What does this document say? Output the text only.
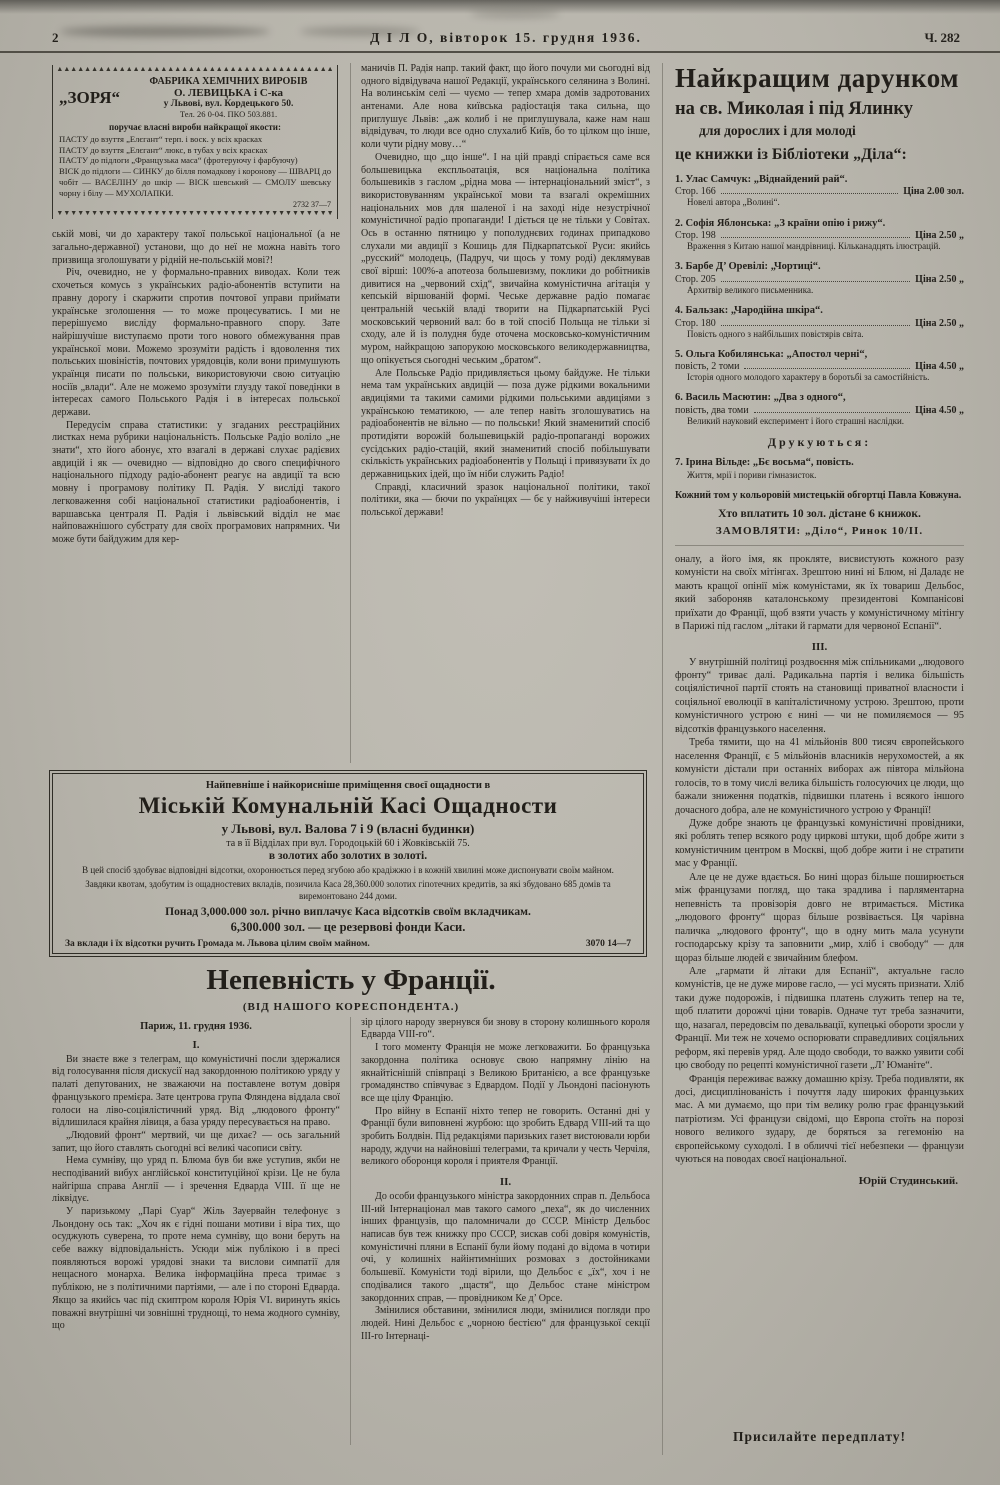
2	Д І Л О, вівторок 15. грудня 1936.	Ч. 282
▲▲▲▲▲▲▲▲▲▲▲▲▲▲▲▲▲▲▲▲▲▲▲▲▲▲▲▲▲▲▲▲▲▲▲▲▲▲▲▲ „ЗОРЯ“
ФАБРИКА ХЕМІЧНИХ ВИРОБІВ
О. ЛЕВИЦЬКА і С-ка
у Львові, вул. Кордецького 50.
Тел. 26 0-04. ПКО 503.881.
поручає власні вироби найкращої якости:

ПАСТУ до взуття „Елєгант“ терп. і воск. у всіх красках

ПАСТУ до взуття „Елєгант“ люкс, в тубах у всіх красках

ПАСТУ до підлоги „Французька маса“ (фротеруючу і фарбуючу)

ВІСК до підлоги — СИНКУ до білля помадкову і коронову — ШВАРЦ до чобіт — ВАСЕЛІНУ до шкір — ВІСК шевський — СМОЛУ шевську чорну і білу — МУХОЛАПКИ.

2732 37—7
▼▼▼▼▼▼▼▼▼▼▼▼▼▼▼▼▼▼▼▼▼▼▼▼▼▼▼▼▼▼▼▼▼▼▼▼▼▼▼▼

ській мові, чи до характеру такої польської національної (а не загально-державної) установи, що до неї не можна навіть того призвища зголошувати у рідній не-польській мові?!

Річ, очевидно, не у формально-правних виводах. Коли теж схочеться комусь з українських радіо-абонентів вступити на правну дорогу і скаржити спротив почтової управи приймати українське зголошення — то може процесуватись. І ми не перерішуємо висліду формально-правного спору. Зате найрішучіше виступаємо проти того нового обмежування прав української мови. Можемо зрозуміти радість і вдоволення тих польських шовіністів, почтових урядовців, коли вони примушують українця писати по польськи, використовуючи свою ситуацію носіїв „влади“. Але не можемо зрозуміти глузду такої поведінки в інтересах самого Польського Радія і в інтересах польської держави.

Передусім справа статистики: у згаданих реєстраційних листках нема рубрики національність. Польське Радіо воліло „не знати“, хто його абонує, хто взагалі в державі слухає радієвих авдицій і як — очевидно — відповідно до свого специфічного національного підходу радіо-абонент реагує на авдиції та всю мовну і програмову політику П. Радія. У висліді такого легковаження собі національної статистики радіоабонентів, і варшавська централя П. Радія і львівський відділ не має найповажнішого субстрату для своїх програмових напрямних. Чи може бути байдужим для кер-

маничів П. Радія напр. такий факт, що його почули ми сьогодні від одного відвідувача нашої Редакції, українського селянина з Волині. На волинськім селі — чуємо — тепер хмара домів задротованих антенами. Але нова київська радіостація така сильна, що приглушує Львів: „аж колиб і не приглушувала, каже нам наш відвідувач, то люди все одно слухалиб Київ, бо то цілком що інше, коли чути рідну мову…“

Очевидно, що „що інше“. І на цій правді спірається саме вся большевицька експльоатація, вся національна політика большевиків з гаслом „рідна мова — інтернаціональний зміст“, з використовуванням української мови та взагалі окремішних національних мов для шаленої і на заході ніде незустрічної комуністичної радіо пропаганди! І діється це не тільки у Совітах. Ось в останню пятницю у пополуднєвих годинах припадково слухали ми авдиції з Кошиць для Підкарпатської Руси: якийсь „русский“ молодець, (Падруч, чи щось у тому роді) деклямував свої вірші: 100%-а апотеоза большевизму, поклики до робітників дивитися на „червоний схід“, звичайна комуністична агітація у кепській віршованій формі. Чеське державне радіо помагає центральній чеській владі творити на Підкарпатській Русі московський червоний вал: бо в той спосіб Польща не тільки зі сходу, але й із полудня буде оточена московсько-комуністичним муром, найкращою запорукою московського великодержавництва, що опікується сьогодні чеським „братом“.

Але Польське Радіо придивляється цьому байдуже. Не тільки нема там українських авдицій — поза дуже рідкими вокальними авдиціями та такими самими рідкими польськими авдиціями з українською тематикою, — але тепер навіть зголошуватись на радіоабонентів не вільно — по польськи! Який знаменитий спосіб протидіяти ворожій большевицькій радіо-пропаганді ворожих сусідських радіо-стацій, який знаменитий спосіб побільшувати скількість українських радіоабонентів у Польщі і привязувати їх до державницьких ідей, що їм ніби служить Радіо!

Справді, класичний зразок національної політики, такої політики, яка — бючи по українцях — бє у найживучіші інтереси польської держави!

Найпевніше і найкорисніше приміщення своєї ощадности в
Міській Комунальній Касі Ощадности
у Львові, вул. Валова 7 і 9 (власні будинки)
та в її Відділах при вул. Городоцькій 60 і Жовківській 75.
в золотих або золотих в золоті.
В цей спосіб здобуває відповідні відсотки, охоронюється перед згубою або крадіжжю і в кожній хвилині може диспонувати своїм майном.
Завдяки квотам, здобутим із ощадностевих вкладів, позичила Каса 28,360.000 золотих гіпотечних кредитів, за які збудовано 685 домів та виремонтовано 244 доми.
Понад 3,000.000 зол. річно виплачує Каса відсотків своїм вкладчикам.
6,300.000 зол. — це резервові фонди Каси.
За вклади і їх відсотки ручить Громада м. Львова цілим своїм майном.	3070 14—7
Непевність у Франції.
(ВІД НАШОГО КОРЕСПОНДЕНТА.)
Париж, 11. грудня 1936.

І.

Ви знаєте вже з телеграм, що комуністичні посли здержалися від голосування після дискусії над закордонною політикою уряду у палаті депутованих, не зважаючи на поставлене вотум довіря французького премієра. Зате центрова група Фляндена віддала свої голоси на ліво-соціялістичний уряд. Від „людового фронту“ відлишилася крайня лівиця, а база уряду пересувається на право.

„Людовий фронт“ мертвий, чи ще дихає? — ось загальний запит, що його ставлять сьогодні всі великі часописи світу.

Нема сумніву, що уряд п. Блюма був би вже уступив, якби не несподіваний вибух англійської конституційної крізи. Це не була найгірша справа Англії — і зречення Едварда VIII. її ще не ліквідує.

У паризькому „Парі Суар“ Жіль Зауервайн телефонує з Льондону ось так: „Хоч як є гідні пошани мотиви і віра тих, що осуджують суверена, то проте нема сумніву, що вони беруть на себе важку відповідальність. Усюди між публікою і в пресі появляються ворожі урядові знаки та вислови симпатії для нещасного монарха. Велика інформаційна преса тримає з публікою, не з політичними партіями, — але і по стороні Едварда. Якщо за якийсь час під скиптром короля Юрія VI. виринуть якісь поважні внутрішні чи зовнішні труднощі, то нема жодного сумніву, що

зір цілого народу звернувся би знову в сторону колишнього короля Едварда VIII-го“.

І того моменту Франція не може легковажити. Бо французька закордонна політика основує свою напрямну лінію на якнайтіснішій співпраці з Великою Британією, а все французьке громадянство співчуває з Едвардом. Події у Льондоні пасіонують все ще цілу Францію.

Про війну в Еспанії ніхто тепер не говорить. Останні дні у Франції були виповнені журбою: що зробить Едвард VIII-ий та що зробить Болдвін. Під редакціями паризьких газет вистоювали юрби народу, ждучи на найновіші телеграми, та кричали у честь Черчіля, великого оборонця короля і приятеля Франції.

ІІ.

До особи французького міністра закордонних справ п. Дельбоса ІІІ-ий Інтернаціонал мав такого самого „пеха“, як до численних інших французів, що паломничали до СССР. Міністр Дельбос написав був теж книжку про СССР, зискав собі довіря комуністів, комуністичні пляни в Еспанії були йому подані до відома в чотири очі, у колишніх найінтимніших розмовах з достойниками большевії. Комуністи тоді вірили, що Дельбос є „їх“, хоч і не сподівалися такого „щастя“, що Дельбос стане міністром закордонних справ, — провідником Ке д’ Орсе.

Змінилися обставини, змінилися люди, змінилися погляди про людей. Нині Дельбос є „чорною бестією“ для французької секції ІІІ-го Інтернаці-

Найкращим дарунком
на св. Миколая і під Ялинку
для дорослих і для молоді
це книжки із Бібліотеки „Діла“:
1. Улас Самчук: „Віднайдений рай“.
Стор. 166	Ціна 2.00 зол.
Новелі автора „Волині“.
2. Софія Яблонська: „З країни опію і рижу“.
Стор. 198	Ціна 2.50 „
Враження з Китаю нашої мандрівниці. Кільканадцять ілюстрацій.
3. Барбе Д’ Оревілі: „Чортиці“.
Стор. 205	Ціна 2.50 „
Архитвір великого письменника.
4. Бальзак: „Чародійна шкіра“.
Стор. 180	Ціна 2.50 „
Повість одного з найбільших повістярів світа.
5. Ольга Кобилянська: „Апостол черні“,
повість, 2 томи	Ціна 4.50 „
Історія одного молодого характеру в боротьбі за самостійність.
6. Василь Масютин: „Два з одного“,
повість, два томи	Ціна 4.50 „
Великий науковий експеримент і його страшні наслідки.
Друкуються:
7. Ірина Вільде: „Бє восьма“, повість.
Життя, мрії і пориви гімназисток.
Кожний том у кольоровій мистецькій обгортці Павла Ковжуна.
Хто вплатить 10 зол. дістане 6 книжок.
ЗАМОВЛЯТИ: „Діло“, Ринок 10/ІІ.

оналу, а його імя, як прокляте, висвистують кожного разу комуністи на своїх мітінгах. Зрештою нині ні Блюм, ні Даладє не мають кращої опінії між комуністами, як їх товариш Дельбос, який забороняв каталонському президентові Компанісові приїхати до Франції, щоб взяти участь у комуністичному мітінгу в Парижі під гаслом „літаки й гармати для червоної Еспанії“.

ІІІ.

У внутрішній політиці роздвоєння між спільниками „людового фронту“ триває далі. Радикальна партія і велика більшість соціялістичної партії стоять на становищі приватної власности і соціяльної еволюції в капіталістичному устрою. Зрештою, проти комуністичного устрою є нині — чи не помиляємося — 95 відсотків французького населення.

Треба тямити, що на 41 мільйонів 800 тисяч європейського населення Франції, є 5 мільйонів власників нерухомостей, а як комуністи дістали при останніх виборах аж півтора мільйона голосів, то в тому числі велика більшість голосуючих це люди, що бажали зниження податків, підвишки платень і всякого іншого дочасного добра, але не комуністичного устрою у Франції!

Дуже добре знають це французькі комуністичні провідники, які роблять тепер всякого роду циркові штуки, щоб добре жити з комуністичним центром в Москві, щоб добре жити і не стратити мас у Франції.

Але це не дуже вдається. Бо нині щораз більше поширюється між французами погляд, що така зрадлива і парляментарна непевність та провізорія довго не втримається. Містика „людового фронту“ щораз більше розвівається. Ця чарівна паличка „людового фронту“, що в одну мить мала усунути господарську крізу та заповнити „мир, хліб і свободу“ — для щораз більше людей є звичайним блефом.

Але „гармати й літаки для Еспанії“, актуальне гасло комуністів, це не дуже мирове гасло, — усі мусять признати. Хліб таки дуже подорожів, і підвишка платень служить тепер на те, щоб платити дорожчі ціни товарів. Одначе тут треба зазначити, що, назагал, передовсім по девальвації, купецькі обороти зросли у Франції. Ми теж не хочемо оспорювати справедливих соціяльних реформ, які перевів уряд. Але щодо свободи, то важко уявити собі цю свободу по рецепті комуністичної газети „Л’ Юманіте“.

Франція переживає важку домашню крізу. Треба подивляти, як досі, дисциплінованість і почуття ладу широких французьких мас. А ми думаємо, що при тім велику ролю грає французький патріотизм. Усі французи свідомі, що Европа стоїть на порозі нового великого зудару, де боряться за гегемонію на європейському суходолі. І в обличчі тієї небезпеки — французи чуються на поводах своєї національної.

Юрій Студинський.
Присилайте передплату!
